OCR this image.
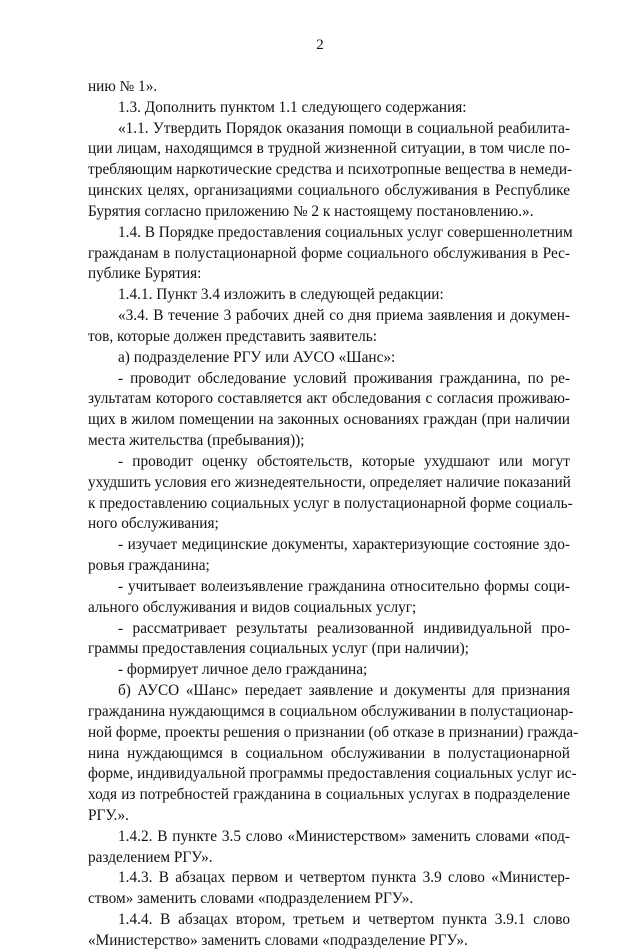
2
нию № 1».
1.3. Дополнить пунктом 1.1 следующего содержания:
«1.1. Утвердить Порядок оказания помощи в социальной реабилита-
ции лицам, находящимся в трудной жизненной ситуации, в том числе по-
требляющим наркотические средства и психотропные вещества в немеди-
цинских целях, организациями социального обслуживания в Республике
Бурятия согласно приложению № 2 к настоящему постановлению.».
1.4. В Порядке предоставления социальных услуг совершеннолетним
гражданам в полустационарной форме социального обслуживания в Рес-
публике Бурятия:
1.4.1. Пункт 3.4 изложить в следующей редакции:
«3.4. В течение 3 рабочих дней со дня приема заявления и докумен-
тов, которые должен представить заявитель:
а) подразделение РГУ или АУСО «Шанс»:
- проводит обследование условий проживания гражданина, по ре-
зультатам которого составляется акт обследования с согласия проживаю-
щих в жилом помещении на законных основаниях граждан (при наличии
места жительства (пребывания));
- проводит оценку обстоятельств, которые ухудшают или могут
ухудшить условия его жизнедеятельности, определяет наличие показаний
к предоставлению социальных услуг в полустационарной форме социаль-
ного обслуживания;
- изучает медицинские документы, характеризующие состояние здо-
ровья гражданина;
- учитывает волеизъявление гражданина относительно формы соци-
ального обслуживания и видов социальных услуг;
- рассматривает результаты реализованной индивидуальной про-
граммы предоставления социальных услуг (при наличии);
- формирует личное дело гражданина;
б) АУСО «Шанс» передает заявление и документы для признания
гражданина нуждающимся в социальном обслуживании в полустационар-
ной форме, проекты решения о признании (об отказе в признании) гражда-
нина нуждающимся в социальном обслуживании в полустационарной
форме, индивидуальной программы предоставления социальных услуг ис-
ходя из потребностей гражданина в социальных услугах в подразделение
РГУ.».
1.4.2. В пункте 3.5 слово «Министерством» заменить словами «под-
разделением РГУ».
1.4.3. В абзацах первом и четвертом пункта 3.9 слово «Министер-
ством» заменить словами «подразделением РГУ».
1.4.4. В абзацах втором, третьем и четвертом пункта 3.9.1 слово
«Министерство» заменить словами «подразделение РГУ».
